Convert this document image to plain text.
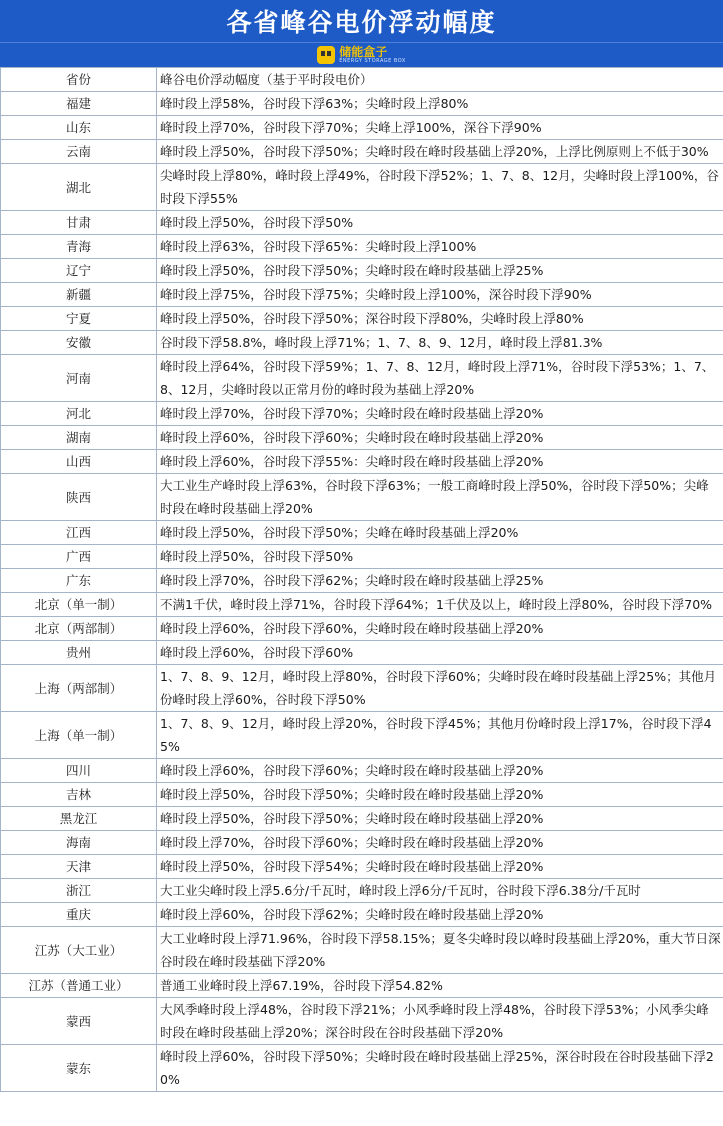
各省峰谷电价浮动幅度
储能盒子
ENERGY STORAGE BOX
省份	峰谷电价浮动幅度（基于平时段电价）
福建	峰时段上浮58%，谷时段下浮63%；尖峰时段上浮80%
山东	峰时段上浮70%，谷时段下浮70%；尖峰上浮100%，深谷下浮90%
云南	峰时段上浮50%，谷时段下浮50%；尖峰时段在峰时段基础上浮20%，上浮比例原则上不低于30%
湖北	尖峰时段上浮80%，峰时段上浮49%，谷时段下浮52%；1、7、8、12月，尖峰时段上浮100%，谷时段下浮55%
甘肃	峰时段上浮50%，谷时段下浮50%
青海	峰时段上浮63%，谷时段下浮65%：尖峰时段上浮100%
辽宁	峰时段上浮50%，谷时段下浮50%；尖峰时段在峰时段基础上浮25%
新疆	峰时段上浮75%，谷时段下浮75%；尖峰时段上浮100%，深谷时段下浮90%
宁夏	峰时段上浮50%，谷时段下浮50%；深谷时段下浮80%，尖峰时段上浮80%
安徽	谷时段下浮58.8%，峰时段上浮71%；1、7、8、9、12月，峰时段上浮81.3%
河南	峰时段上浮64%，谷时段下浮59%；1、7、8、12月，峰时段上浮71%，谷时段下浮53%；1、7、8、12月，尖峰时段以正常月份的峰时段为基础上浮20%
河北	峰时段上浮70%，谷时段下浮70%；尖峰时段在峰时段基础上浮20%
湖南	峰时段上浮60%，谷时段下浮60%；尖峰时段在峰时段基础上浮20%
山西	峰时段上浮60%，谷时段下浮55%：尖峰时段在峰时段基础上浮20%
陕西	大工业生产峰时段上浮63%，谷时段下浮63%；一般工商峰时段上浮50%，谷时段下浮50%；尖峰时段在峰时段基础上浮20%
江西	峰时段上浮50%，谷时段下浮50%；尖峰在峰时段基础上浮20%
广西	峰时段上浮50%，谷时段下浮50%
广东	峰时段上浮70%，谷时段下浮62%；尖峰时段在峰时段基础上浮25%
北京（单一制）	不满1千伏，峰时段上浮71%，谷时段下浮64%；1千伏及以上，峰时段上浮80%，谷时段下浮70%
北京（两部制）	峰时段上浮60%，谷时段下浮60%，尖峰时段在峰时段基础上浮20%
贵州	峰时段上浮60%，谷时段下浮60%
上海（两部制）	1、7、8、9、12月，峰时段上浮80%，谷时段下浮60%；尖峰时段在峰时段基础上浮25%；其他月份峰时段上浮60%，谷时段下浮50%
上海（单一制）	1、7、8、9、12月，峰时段上浮20%，谷时段下浮45%；其他月份峰时段上浮17%，谷时段下浮45%
四川	峰时段上浮60%，谷时段下浮60%；尖峰时段在峰时段基础上浮20%
吉林	峰时段上浮50%，谷时段下浮50%；尖峰时段在峰时段基础上浮20%
黑龙江	峰时段上浮50%，谷时段下浮50%；尖峰时段在峰时段基础上浮20%
海南	峰时段上浮70%，谷时段下浮60%；尖峰时段在峰时段基础上浮20%
天津	峰时段上浮50%，谷时段下浮54%；尖峰时段在峰时段基础上浮20%
浙江	大工业尖峰时段上浮5.6分/千瓦时，峰时段上浮6分/千瓦时，谷时段下浮6.38分/千瓦时
重庆	峰时段上浮60%，谷时段下浮62%；尖峰时段在峰时段基础上浮20%
江苏（大工业）	大工业峰时段上浮71.96%，谷时段下浮58.15%；夏冬尖峰时段以峰时段基础上浮20%，重大节日深谷时段在峰时段基础下浮20%
江苏（普通工业）	普通工业峰时段上浮67.19%，谷时段下浮54.82%
蒙西	大风季峰时段上浮48%，谷时段下浮21%；小风季峰时段上浮48%，谷时段下浮53%；小风季尖峰时段在峰时段基础上浮20%；深谷时段在谷时段基础下浮20%
蒙东	峰时段上浮60%，谷时段下浮50%；尖峰时段在峰时段基础上浮25%，深谷时段在谷时段基础下浮20%
